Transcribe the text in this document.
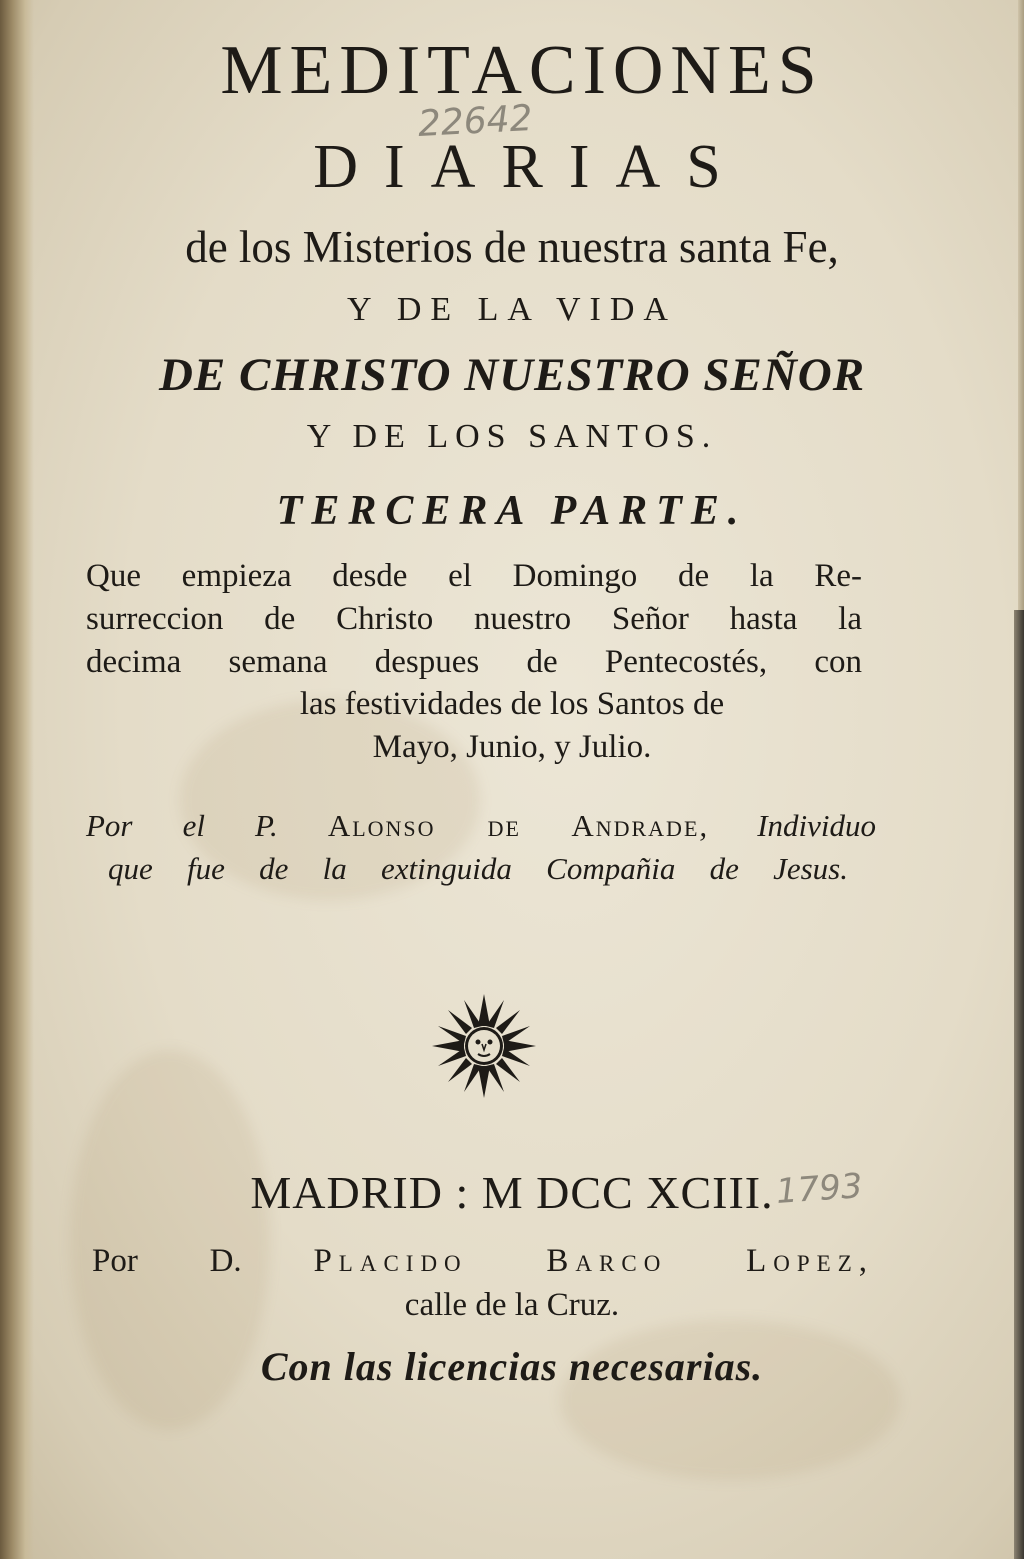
22642
MEDITACIONES
DIARIAS
de los Misterios de nuestra santa Fe,
Y DE LA VIDA
DE CHRISTO NUESTRO SEÑOR
Y DE LOS SANTOS.
TERCERA PARTE.
Que empieza desde el Domingo de la Re-
surreccion de Christo nuestro Señor hasta la
decima semana despues de Pentecostés, con
las festividades de los Santos de
Mayo, Junio, y Julio.
Por el P. Alonso de Andrade, Individuo
que fue de la extinguida Compañia de Jesus.
MADRID : M DCC XCIII. 1793
Por D. Placido Barco Lopez,
calle de la Cruz.
Con las licencias necesarias.
